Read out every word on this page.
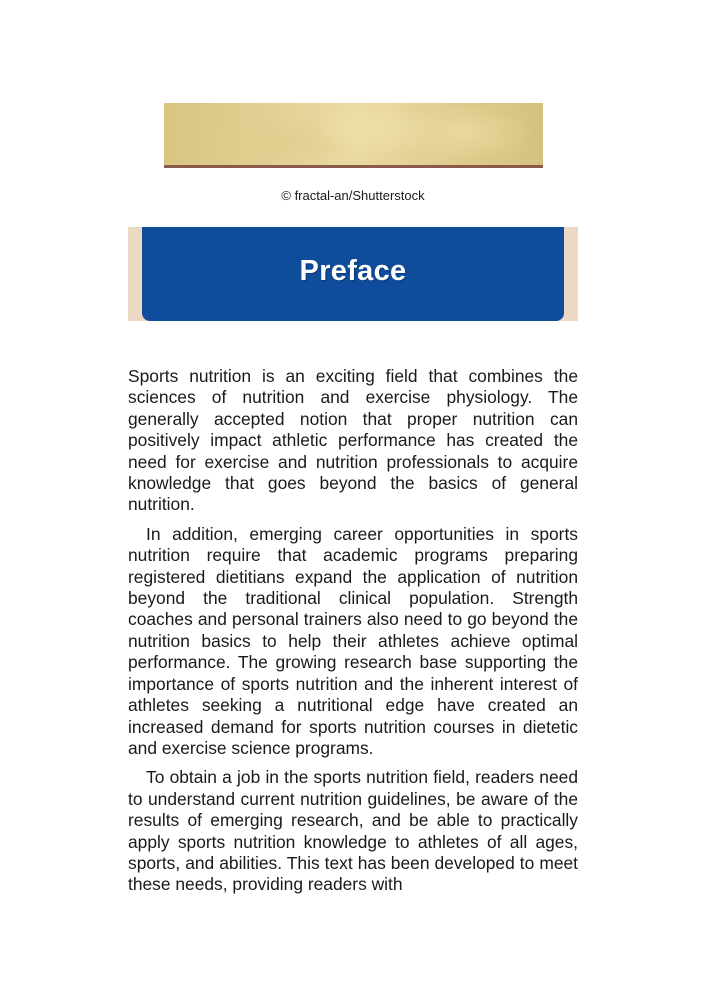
© fractal-an/Shutterstock
Preface

Sports nutrition is an exciting field that combines the sciences of nutrition and exercise physiology. The generally accepted notion that proper nutrition can positively impact athletic performance has created the need for exercise and nutrition professionals to acquire knowledge that goes beyond the basics of general nutrition.

In addition, emerging career opportunities in sports nutrition require that academic programs preparing registered dietitians expand the application of nutrition beyond the traditional clinical population. Strength coaches and personal trainers also need to go beyond the nutrition basics to help their athletes achieve optimal performance. The growing research base supporting the importance of sports nutrition and the inherent interest of athletes seeking a nutritional edge have created an increased demand for sports nutrition courses in dietetic and exercise science programs.

To obtain a job in the sports nutrition field, readers need to understand current nutrition guidelines, be aware of the results of emerging research, and be able to practically apply sports nutrition knowledge to athletes of all ages, sports, and abilities. This text has been developed to meet these needs, providing readers with
